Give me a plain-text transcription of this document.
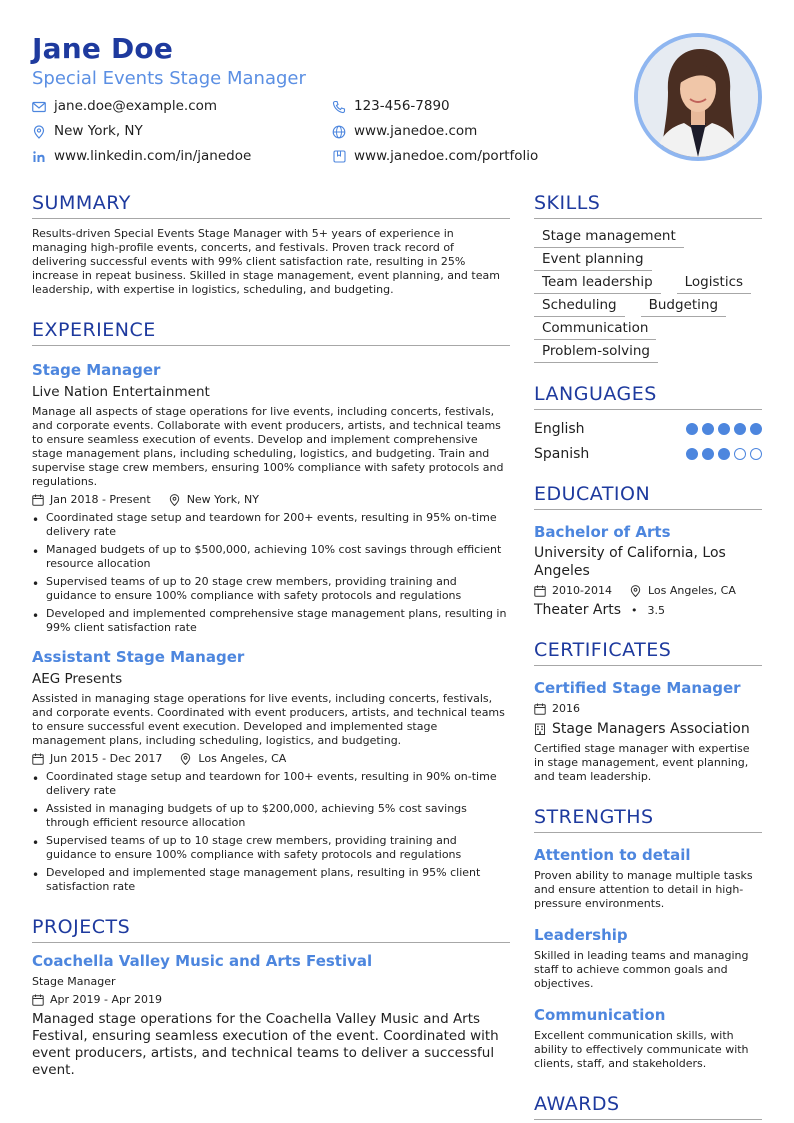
Jane Doe
Special Events Stage Manager
jane.doe@example.com	123-456-7890
New York, NY	www.janedoe.com
www.linkedin.com/in/janedoe	www.janedoe.com/portfolio
SUMMARY
Results-driven Special Events Stage Manager with 5+ years of experience in managing high-profile events, concerts, and festivals. Proven track record of delivering successful events with 99% client satisfaction rate, resulting in 25% increase in repeat business. Skilled in stage management, event planning, and team leadership, with expertise in logistics, scheduling, and budgeting.
EXPERIENCE
Stage Manager
Live Nation Entertainment
Manage all aspects of stage operations for live events, including concerts, festivals, and corporate events. Collaborate with event producers, artists, and technical teams to ensure seamless execution of events. Develop and implement comprehensive stage management plans, including scheduling, logistics, and budgeting. Train and supervise stage crew members, ensuring 100% compliance with safety protocols and regulations.
Jan 2018 - Present	New York, NY
• Coordinated stage setup and teardown for 200+ events, resulting in 95% on-time delivery rate
• Managed budgets of up to $500,000, achieving 10% cost savings through efficient resource allocation
• Supervised teams of up to 20 stage crew members, providing training and guidance to ensure 100% compliance with safety protocols and regulations
• Developed and implemented comprehensive stage management plans, resulting in 99% client satisfaction rate
Assistant Stage Manager
AEG Presents
Assisted in managing stage operations for live events, including concerts, festivals, and corporate events. Coordinated with event producers, artists, and technical teams to ensure successful event execution. Developed and implemented stage management plans, including scheduling, logistics, and budgeting.
Jun 2015 - Dec 2017	Los Angeles, CA
• Coordinated stage setup and teardown for 100+ events, resulting in 90% on-time delivery rate
• Assisted in managing budgets of up to $200,000, achieving 5% cost savings through efficient resource allocation
• Supervised teams of up to 10 stage crew members, providing training and guidance to ensure 100% compliance with safety protocols and regulations
• Developed and implemented stage management plans, resulting in 95% client satisfaction rate
PROJECTS
Coachella Valley Music and Arts Festival
Stage Manager
Apr 2019 - Apr 2019
Managed stage operations for the Coachella Valley Music and Arts Festival, ensuring seamless execution of the event. Coordinated with event producers, artists, and technical teams to deliver a successful event.
SKILLS
Stage management
Event planning
Team leadership	Logistics
Scheduling	Budgeting
Communication
Problem-solving
LANGUAGES
English
Spanish
EDUCATION
Bachelor of Arts
University of California, Los Angeles
2010-2014	Los Angeles, CA
Theater Arts • 3.5
CERTIFICATES
Certified Stage Manager
2016
Stage Managers Association
Certified stage manager with expertise in stage management, event planning, and team leadership.
STRENGTHS
Attention to detail
Proven ability to manage multiple tasks and ensure attention to detail in high-pressure environments.
Leadership
Skilled in leading teams and managing staff to achieve common goals and objectives.
Communication
Excellent communication skills, with ability to effectively communicate with clients, staff, and stakeholders.
AWARDS
